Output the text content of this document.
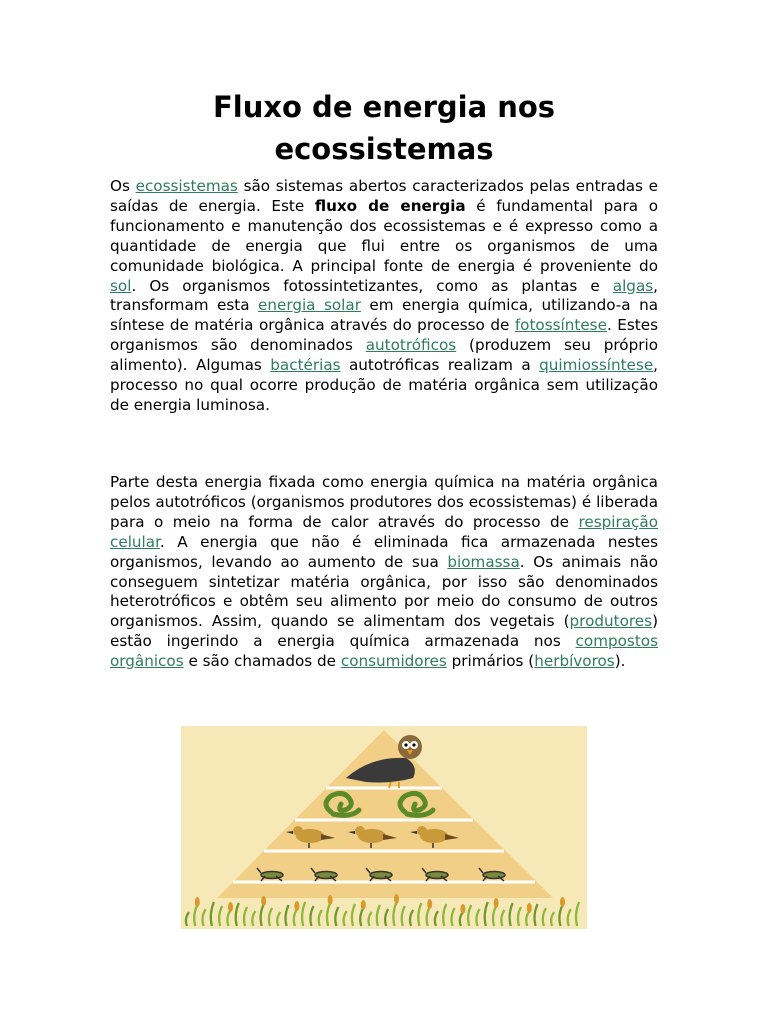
Fluxo de energia nos ecossistemas

Os ecossistemas são sistemas abertos caracterizados pelas entradas e saídas de energia. Este fluxo de energia é fundamental para o funcionamento e manutenção dos ecossistemas e é expresso como a quantidade de energia que flui entre os organismos de uma comunidade biológica. A principal fonte de energia é proveniente do sol. Os organismos fotossintetizantes, como as plantas e algas, transformam esta energia solar em energia química, utilizando-a na síntese de matéria orgânica através do processo de fotossíntese. Estes organismos são denominados autotróficos (produzem seu próprio alimento). Algumas bactérias autotróficas realizam a quimiossíntese, processo no qual ocorre produção de matéria orgânica sem utilização de energia luminosa.

Parte desta energia fixada como energia química na matéria orgânica pelos autotróficos (organismos produtores dos ecossistemas) é liberada para o meio na forma de calor através do processo de respiração celular. A energia que não é eliminada fica armazenada nestes organismos, levando ao aumento de sua biomassa. Os animais não conseguem sintetizar matéria orgânica, por isso são denominados heterotróficos e obtêm seu alimento por meio do consumo de outros organismos. Assim, quando se alimentam dos vegetais (produtores) estão ingerindo a energia química armazenada nos compostos orgânicos e são chamados de consumidores primários (herbívoros).
